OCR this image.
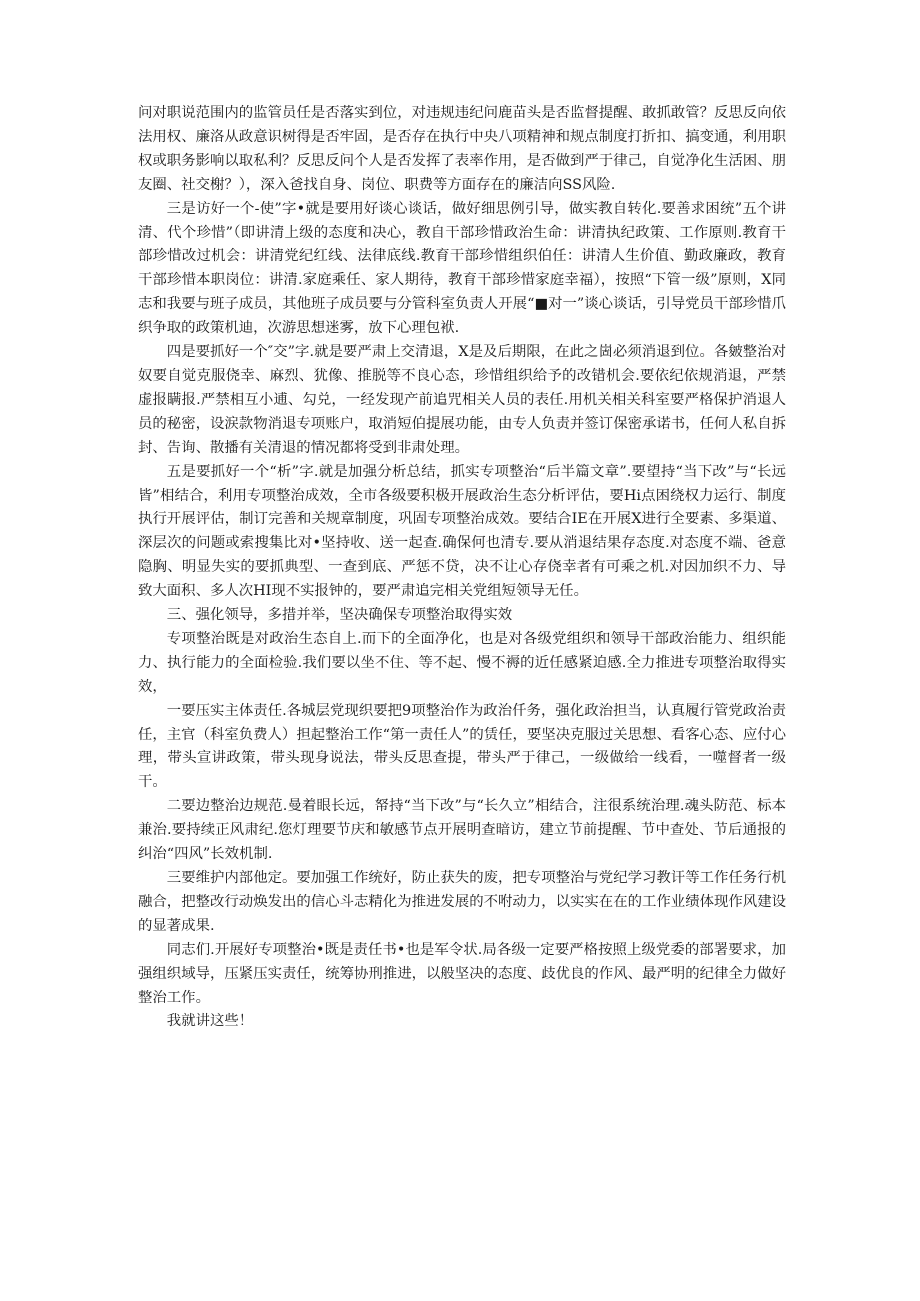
问对职说范围内的监管员任是否落实到位，对违规违纪问鹿苗头是否监督提醒、敢抓敢管？反思反向依法用权、廉洛从政意识树得是否牢固，是否存在执行中央八项精神和规点制度打折扣、搞变通，利用职权或职务影响以取私利？反思反问个人是否发挥了表率作用，是否做到严于律己，自觉净化生活困、朋友圈、社交榭？），深入爸找自身、岗位、职费等方面存在的廉洁向SS风险.

三是访好一个-使”字•就是要用好谈心谈话，做好细思例引导，做实教自转化.要善求困统”五个讲清、代个珍惜”（即讲清上级的态度和决心，教自干部珍惜政治生命：讲清执纪政策、工作原则.教育干部珍惜改过机会：讲清党纪红线、法律底线.教育干部珍惜组织伯任：讲清人生价值、勤政廉政，教育干部珍惜本职岗位：讲清.家庭乘任、家人期待，教育干部珍惜家庭幸福），按照“下管一级”原则，X同志和我要与班子成员，其他班子成员要与分管科室负责人开展“■对一”谈心谈话，引导党员干部珍惜爪织争取的政策机迪，次游思想迷雾，放下心理包袱.

四是要抓好一个″交”字.就是要严肃上交清退，X是及后期限，在此之崮必须消退到位。各皴整治对奴要自觉克服侥幸、麻烈、犹像、推脱等不良心态，珍惜组织给予的改错机会.要依纪依规消退，严禁虚报瞒报.严禁相互小逋、勾兑，一经发现产前追咒相关人员的表任.用机关相关科室要严格保护消退人员的秘密，设涙款物消退专项账户，取消短伯提展功能，由专人负责并签订保密承诺书，任何人私自拆封、告询、散播有关清退的情况都将受到非肃处理。

五是要抓好一个“析”字.就是加强分析总结，抓实专项整治“后半篇文章”.要望持“当下改”与“长远皆”相结合，利用专项整治成效，全市各级要积极开展政治生态分析评估，要Hi点困绕权力运行、制度执行开展评估，制订完善和关规章制度，巩固专项整治成效。要结合IE在开展X进行全要素、多渠道、深层次的问题或索搜集比对•坚持收、送一起查.确保何也清专.要从消退结果存态度.对态度不端、爸意隐胸、明显失实的要抓典型、一查到底、严惩不贷，决不让心存侥幸者有可乘之机.对因加织不力、导致大面积、多人次HI现不实报钟的，要严肃追完相关党组短领导无任。

三、强化领导，多措并举，坚决确保专项整治取得实效

专项整治既是对政治生态自上.而下的全面净化，也是对各级党组织和领导干部政治能力、组织能力、执行能力的全面检验.我们要以坐不住、等不起、慢不褥的近任感紧迫感.全力推进专项整治取得实效，

一要压实主体责任.各城层党现织要把9项整治作为政治仟务，强化政治担当，认真履行管党政治责任，主官（科室负费人）担起整治工作“第一责任人”的赁任，要坚决克服过关思想、看客心态、应付心理，带头宣讲政策，带头现身说法，带头反思查提，带头严于律己，一级做给一线看，一噬督者一级干。

二要边整治边规范.曼着眼长远，帑持“当下改”与“长久立”相结合，注很系统治理.魂头防范、标本兼治.要持续正风肃纪.您灯理要节庆和敏感节点开展明查暗访，建立节前提醒、节中查处、节后通报的纠治“四风”长效机制.

三要维护内部他定。要加强工作统好，防止获失的废，把专项整治与党纪学习教讦等工作任务行机融合，把整改行动焕发出的信心斗志精化为推进发展的不咐动力，以实实在在的工作业绩体现作风建设的显著成果.

同志们.开展好专项整治•既是责任书•也是军令状.局各级一定要严格按照上级党委的部署要求，加强组织域导，压紧压实责任，统筹协刑推进，以般坚决的态度、歧优良的作风、最严明的纪律全力做好整治工作。

我就讲这些！
